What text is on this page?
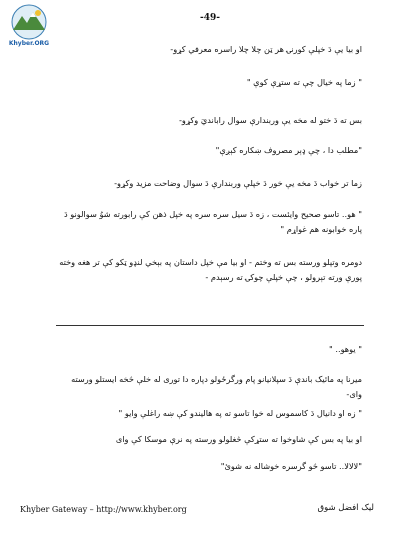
Khyber.ORG
-49-
او بيا يې دَ خپلې کورنۍ هر ټن چلا چلا راسره معرفي کړو-
" زما په خيال چې ته ستړې کوې "
بس ته دَ ختو له مخه يې وربندارې سوال رابانديَ وکړو-
"مطلب دا ، چې ډېر مصروف ښکاره کېږې"
زما تر خواب دَ مخه يې خور دَ خپلې وربندارې دَ سوال وضاحت مزيد وکړو-
" هو.. تاسو صحيح وايئست ، زه دَ سيل سره سره په خپل ذهن کې رابورته شوُ سوالونو دَ پاره خوابونه هم غواړم "
دومره وتپلو ورسته بس ته وختم - او بيا مې خپل داستان په بېخي لنډو ټکو کې تر هغه وخته پورې ورته تېرولو ، چې خپلې چوکۍ ته رسېدم -
" يوهو.. "
ميرنا په مائيک باندې دَ سپلانيانو پام ورگرځولو دپاره دا توری له خلې څخه ايستلو ورسته وای-
" زه او دانيال دَ کاسموس له خوا تاسو ته په هاليندو کې ښه راغلې وايو "
او بيا په بس کې شاوخوا ته ستړکې څغلولو ورسته په نرې موسکا کې وای
"لالالا.. تاسو څو گرسره خوشاله نه شوئ"
Khyber Gateway – http://www.khyber.org	ليک افضل شوق
